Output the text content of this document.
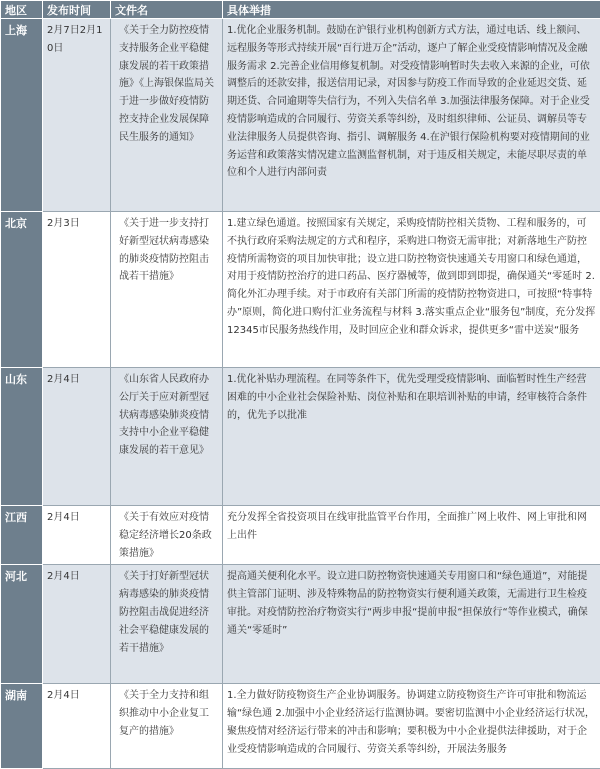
地区	发布时间	文件名	具体举措
上海	2月7日2月10日	《关于全力防控疫情支持服务企业平稳健康发展的若干政策措施》《上海银保监局关于进一步做好疫情防控支持企业发展保障民生服务的通知》	1.优化企业服务机制。鼓励在沪银行业机构创新方式方法，通过电话、线上额问、远程服务等形式持续开展“百行进万企”活动，逐户了解企业受疫情影响情况及金融服务需求 2.完善企业信用修复机制。对受疫情影响暂时失去收入来源的企业，可依调整后的还款安排，报送信用记录，对因参与防疫工作而导致的企业延迟交货、延期还货、合同逾期等失信行为，不列入失信名单 3.加强法律服务保障。对于企业受疫情影响造成的合同履行、劳资关系等纠纷，及时组织律师、公证员、调解员等专业法律服务人员提供咨询、指引、调解服务 4.在沪银行保险机构要对疫情期间的业务运营和政策落实情况建立监测监督机制，对于违反相关规定，未能尽职尽责的单位和个人进行内部问责
北京	2月3日	《关于进一步支持打好新型冠状病毒感染的肺炎疫情防控阻击战若干措施》	1.建立绿色通道。按照国家有关规定，采购疫情防控相关货物、工程和服务的，可不执行政府采购法规定的方式和程序，采购进口物资无需审批；对新落地生产防控疫情所需物资的项目加快审批；设立进口防控物资快速通关专用窗口和绿色通道，对用于疫情防控治疗的进口药品、医疗器械等，做到即到即提，确保通关“零延时 2.简化外汇办理手续。对于市政府有关部门所需的疫情防控物资进口，可按照“特事特办”原则，简化进口购付汇业务流程与材料 3.落实重点企业“服务包”制度，充分发挥12345市民服务热线作用，及时回应企业和群众诉求，提供更多“雷中送炭“服务
山东	2月4日	《山东省人民政府办公厅关于应对新型冠状病毒感染肺炎疫情支持中小企业平稳健康发展的若干意见》	1.优化补贴办理流程。在同等条件下，优先受理受疫情影响、面临暂时性生产经营困难的中小企业社会保险补贴、岗位补贴和在职培训补贴的申请，经审核符合条件的，优先予以批准
江西	2月4日	《关于有效应对疫情稳定经济增长20条政策措施》	充分发挥全省投资项目在线审批监管平台作用，全面推广网上收件、网上审批和网上出件
河北	2月4日	《关于打好新型冠状病毒感染的肺炎疫情防控阻击战促进经济社会平稳健康发展的若干措施》	提高通关便利化水平。设立进口防控物资快速通关专用窗口和“绿色通道”，对能提供主管部门证明、涉及特殊物品的防控物资实行便利通关政策，无需进行卫生检疫审批。对疫情防控治疗物资实行“两步申报“提前申报“担保放行“等作业模式，确保通关“零延时”
湖南	2月4日	《关于全力支持和组织推动中小企业复工复产的措施》	1.全力做好防疫物资生产企业协调服务。协调建立防疫物资生产许可审批和物流运输“绿色通 2.加强中小企业经济运行监测协调。要密切监测中小企业经济运行状况，聚焦疫情对经济运行带来的冲击和影响；要积极为中小企业提供法律援助，对于企业受疫情影响造成的合同履行、劳资关系等纠纷，开展法务服务
